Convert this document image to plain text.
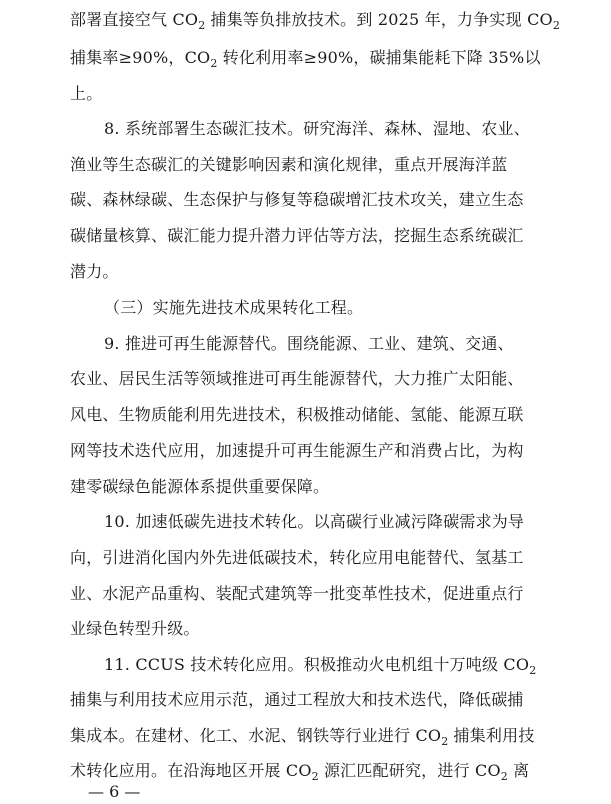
部署直接空气 $CO_2$ 捕集等负排放技术。到 2025 年，力争实现 $CO_2$
捕集率≥90%，$CO_2$ 转化利用率≥90%，碳捕集能耗下降 35%以
上。
8. 系统部署生态碳汇技术。研究海洋、森林、湿地、农业、
渔业等生态碳汇的关键影响因素和演化规律，重点开展海洋蓝
碳、森林绿碳、生态保护与修复等稳碳增汇技术攻关，建立生态
碳储量核算、碳汇能力提升潜力评估等方法，挖掘生态系统碳汇
潜力。
（三）实施先进技术成果转化工程。
9. 推进可再生能源替代。围绕能源、工业、建筑、交通、
农业、居民生活等领域推进可再生能源替代，大力推广太阳能、
风电、生物质能利用先进技术，积极推动储能、氢能、能源互联
网等技术迭代应用，加速提升可再生能源生产和消费占比，为构
建零碳绿色能源体系提供重要保障。
10. 加速低碳先进技术转化。以高碳行业减污降碳需求为导
向，引进消化国内外先进低碳技术，转化应用电能替代、氢基工
业、水泥产品重构、装配式建筑等一批变革性技术，促进重点行
业绿色转型升级。
11. CCUS 技术转化应用。积极推动火电机组十万吨级 $CO_2$
捕集与利用技术应用示范，通过工程放大和技术迭代，降低碳捕
— 6 —
集成本。在建材、化工、水泥、钢铁等行业进行 $CO_2$ 捕集利用技
术转化应用。在沿海地区开展 $CO_2$ 源汇匹配研究，进行 $CO_2$ 离
